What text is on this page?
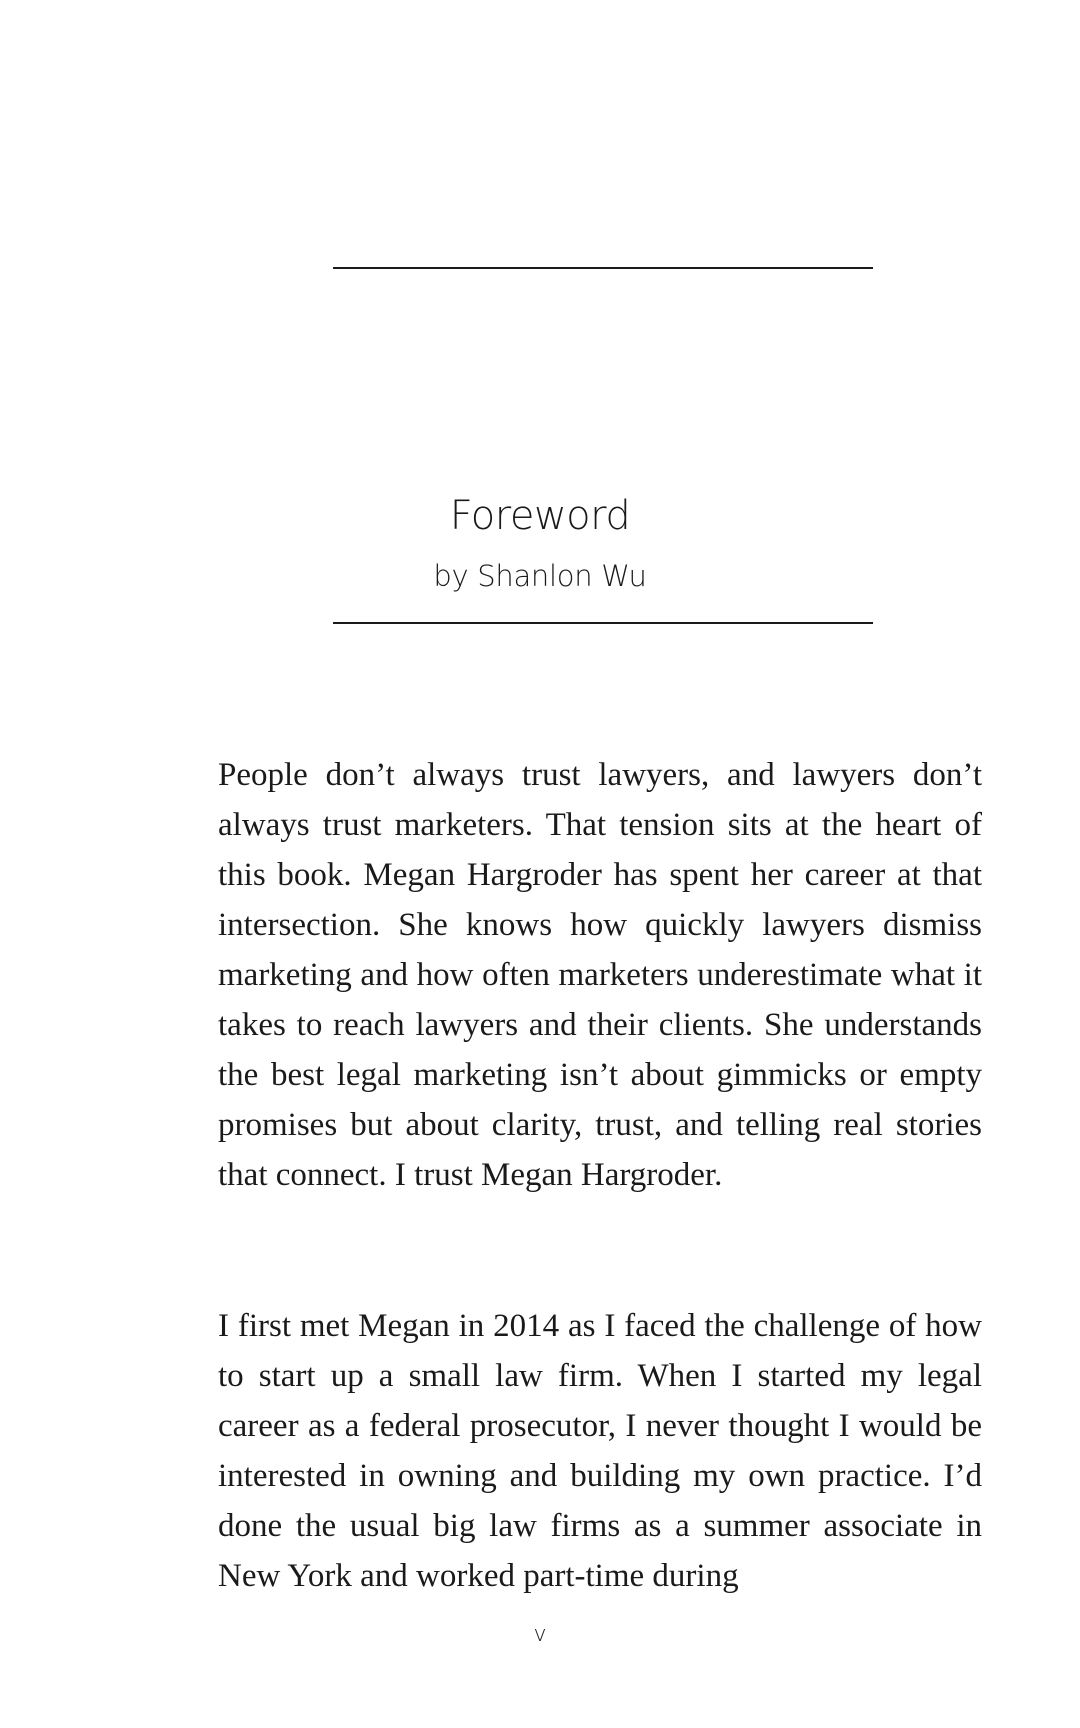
Foreword
by Shanlon Wu

People don’t always trust lawyers, and lawyers don’t always trust marketers. That tension sits at the heart of this book. Megan Hargroder has spent her career at that intersection. She knows how quickly lawyers dismiss marketing and how often marketers underestimate what it takes to reach lawyers and their clients. She understands the best legal marketing isn’t about gimmicks or empty promises but about clarity, trust, and telling real stories that connect. I trust Megan Hargroder.

I first met Megan in 2014 as I faced the challenge of how to start up a small law firm. When I started my legal career as a federal prosecutor, I never thought I would be interested in owning and building my own practice. I’d done the usual big law firms as a summer associate in New York and worked part-time during

v
